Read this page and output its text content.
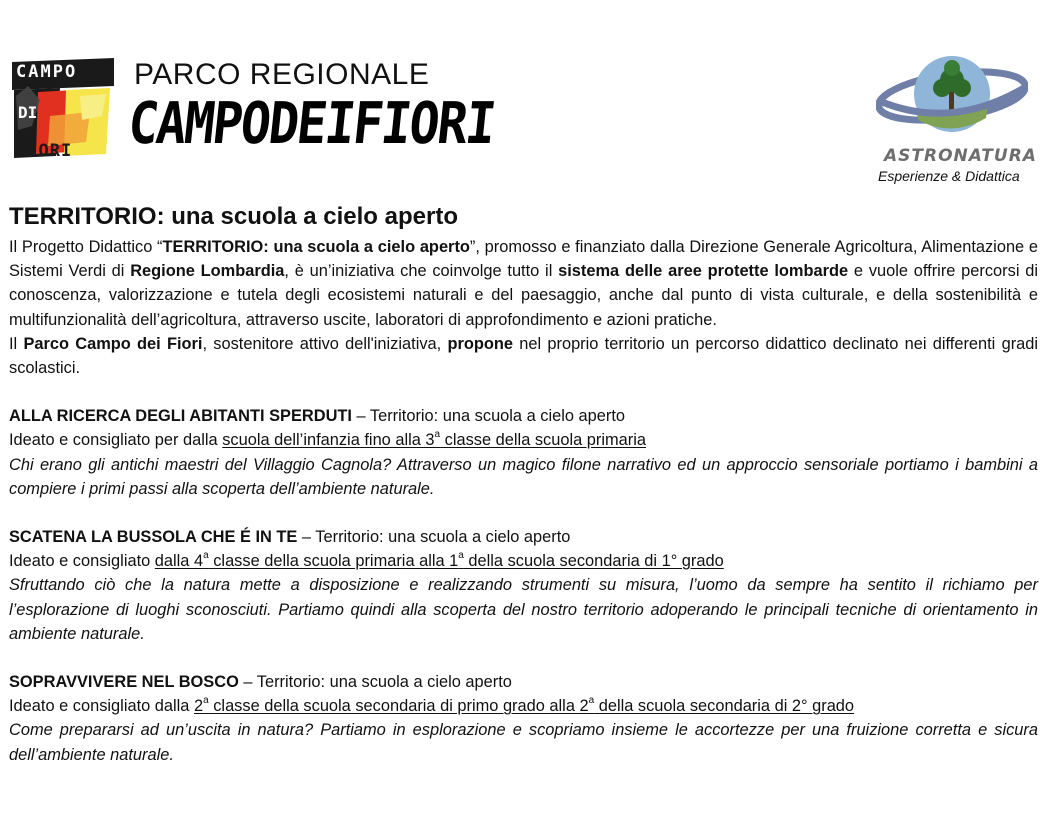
CAMPO
DI
FIORI
PARCO REGIONALE
CAMPODEIFIORI	ASTRONATURA
Esperienze & Didattica
TERRITORIO: una scuola a cielo aperto

Il Progetto Didattico “TERRITORIO: una scuola a cielo aperto”, promosso e finanziato dalla Direzione Generale Agricoltura, Alimentazione e Sistemi Verdi di Regione Lombardia, è un’iniziativa che coinvolge tutto il sistema delle aree protette lombarde e vuole offrire percorsi di conoscenza, valorizzazione e tutela degli ecosistemi naturali e del paesaggio, anche dal punto di vista culturale, e della sostenibilità e multifunzionalità dell’agricoltura, attraverso uscite, laboratori di approfondimento e azioni pratiche.

Il Parco Campo dei Fiori, sostenitore attivo dell'iniziativa, propone nel proprio territorio un percorso didattico declinato nei differenti gradi scolastici.

ALLA RICERCA DEGLI ABITANTI SPERDUTI – Territorio: una scuola a cielo aperto

Ideato e consigliato per dalla scuola dell’infanzia fino alla 3$^a$ classe della scuola primaria

Chi erano gli antichi maestri del Villaggio Cagnola? Attraverso un magico filone narrativo ed un approccio sensoriale portiamo i bambini a compiere i primi passi alla scoperta dell’ambiente naturale.

SCATENA LA BUSSOLA CHE É IN TE – Territorio: una scuola a cielo aperto

Ideato e consigliato dalla 4$^a$ classe della scuola primaria alla 1$^a$ della scuola secondaria di 1° grado

Sfruttando ciò che la natura mette a disposizione e realizzando strumenti su misura, l’uomo da sempre ha sentito il richiamo per l’esplorazione di luoghi sconosciuti. Partiamo quindi alla scoperta del nostro territorio adoperando le principali tecniche di orientamento in ambiente naturale.

SOPRAVVIVERE NEL BOSCO – Territorio: una scuola a cielo aperto

Ideato e consigliato dalla 2$^a$ classe della scuola secondaria di primo grado alla 2$^a$ della scuola secondaria di 2° grado

Come prepararsi ad un’uscita in natura? Partiamo in esplorazione e scopriamo insieme le accortezze per una fruizione corretta e sicura dell’ambiente naturale.
